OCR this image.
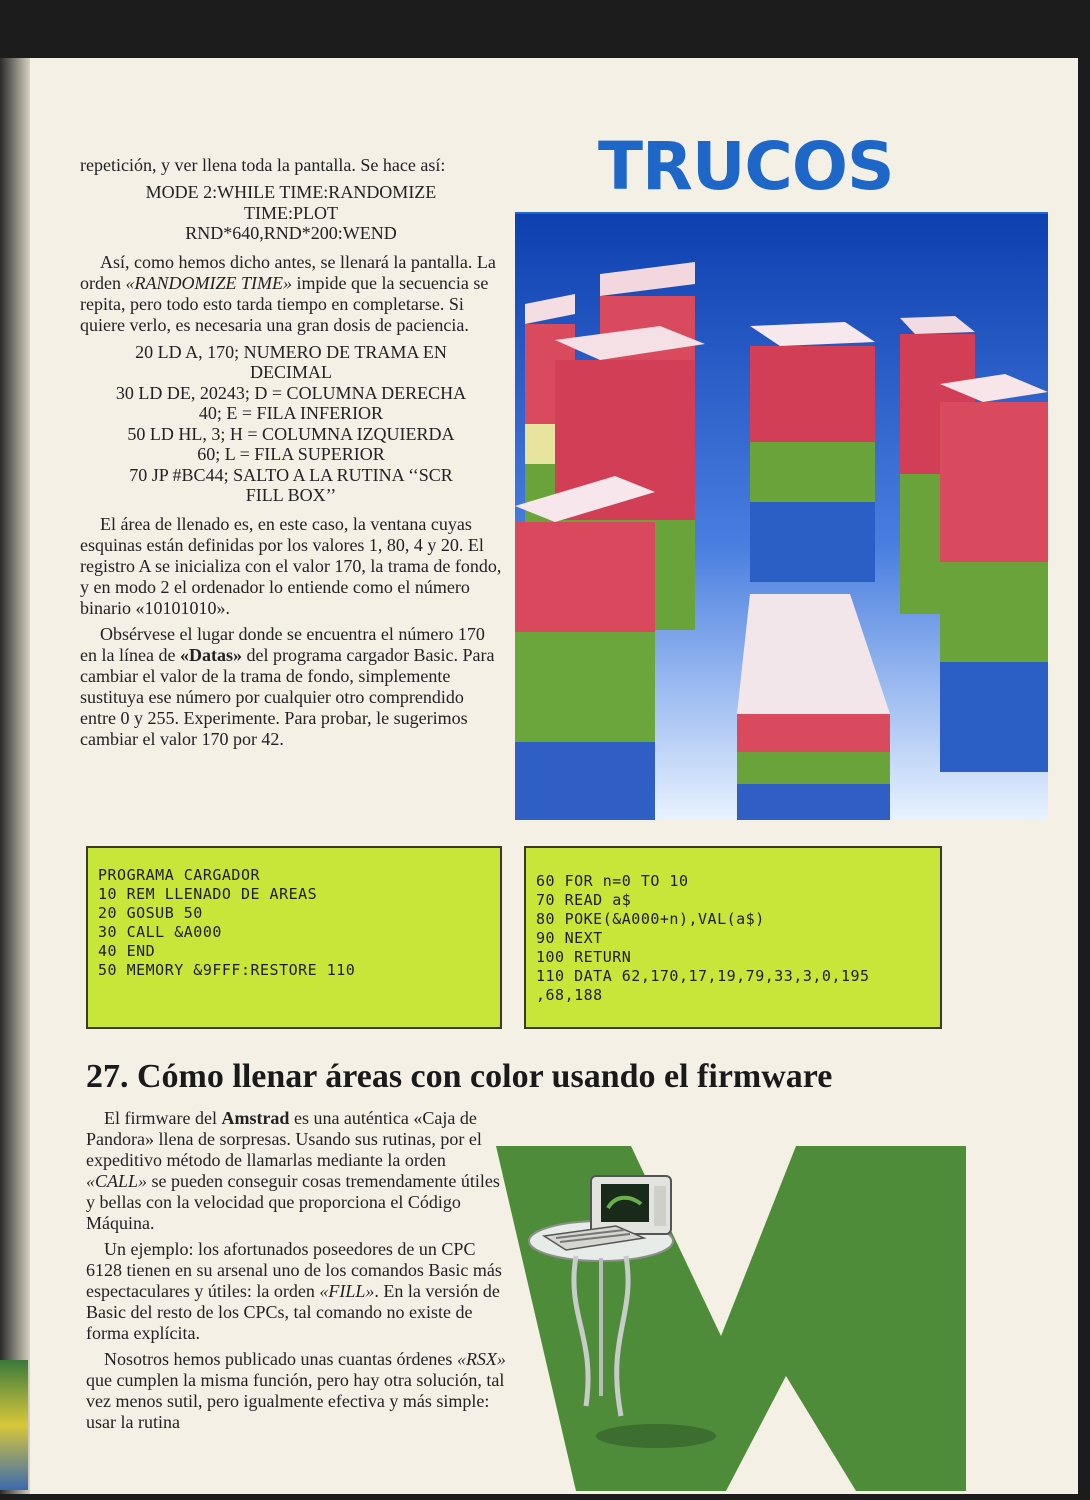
repetición, y ver llena toda la pantalla. Se hace así:

MODE 2:WHILE TIME:RANDOMIZE
TIME:PLOT
RND*640,RND*200:WEND

Así, como hemos dicho antes, se llenará la pantalla. La orden «RANDOMIZE TIME» impide que la secuencia se repita, pero todo esto tarda tiempo en completarse. Si quiere verlo, es necesaria una gran dosis de paciencia.

20 LD A, 170; NUMERO DE TRAMA EN
DECIMAL
30 LD DE, 20243; D = COLUMNA DERECHA
40; E = FILA INFERIOR
50 LD HL, 3; H = COLUMNA IZQUIERDA
60; L = FILA SUPERIOR
70 JP #BC44; SALTO A LA RUTINA ‘‘SCR
FILL BOX’’

El área de llenado es, en este caso, la ventana cuyas esquinas están definidas por los valores 1, 80, 4 y 20. El registro A se inicializa con el valor 170, la trama de fondo, y en modo 2 el ordenador lo entiende como el número binario «10101010».

Obsérvese el lugar donde se encuentra el número 170 en la línea de «Datas» del programa cargador Basic. Para cambiar el valor de la trama de fondo, simplemente sustituya ese número por cualquier otro comprendido entre 0 y 255. Experimente. Para probar, le sugerimos cambiar el valor 170 por 42.

TRUCOS
PROGRAMA CARGADOR
10 REM LLENADO DE AREAS
20 GOSUB 50
30 CALL &A000
40 END
50 MEMORY &9FFF:RESTORE 110
60 FOR n=0 TO 10
70 READ a$
80 POKE(&A000+n),VAL(a$)
90 NEXT
100 RETURN
110 DATA 62,170,17,19,79,33,3,0,195
,68,188
27. Cómo llenar áreas con color usando el firmware

El firmware del Amstrad es una auténtica «Caja de Pandora» llena de sorpresas. Usando sus rutinas, por el expeditivo método de llamarlas mediante la orden «CALL» se pueden conseguir cosas tremendamente útiles y bellas con la velocidad que proporciona el Código Máquina.

Un ejemplo: los afortunados poseedores de un CPC 6128 tienen en su arsenal uno de los comandos Basic más espectaculares y útiles: la orden «FILL». En la versión de Basic del resto de los CPCs, tal comando no existe de forma explícita.

Nosotros hemos publicado unas cuantas órdenes «RSX» que cumplen la misma función, pero hay otra solución, tal vez menos sutil, pero igualmente efectiva y más simple: usar la rutina
